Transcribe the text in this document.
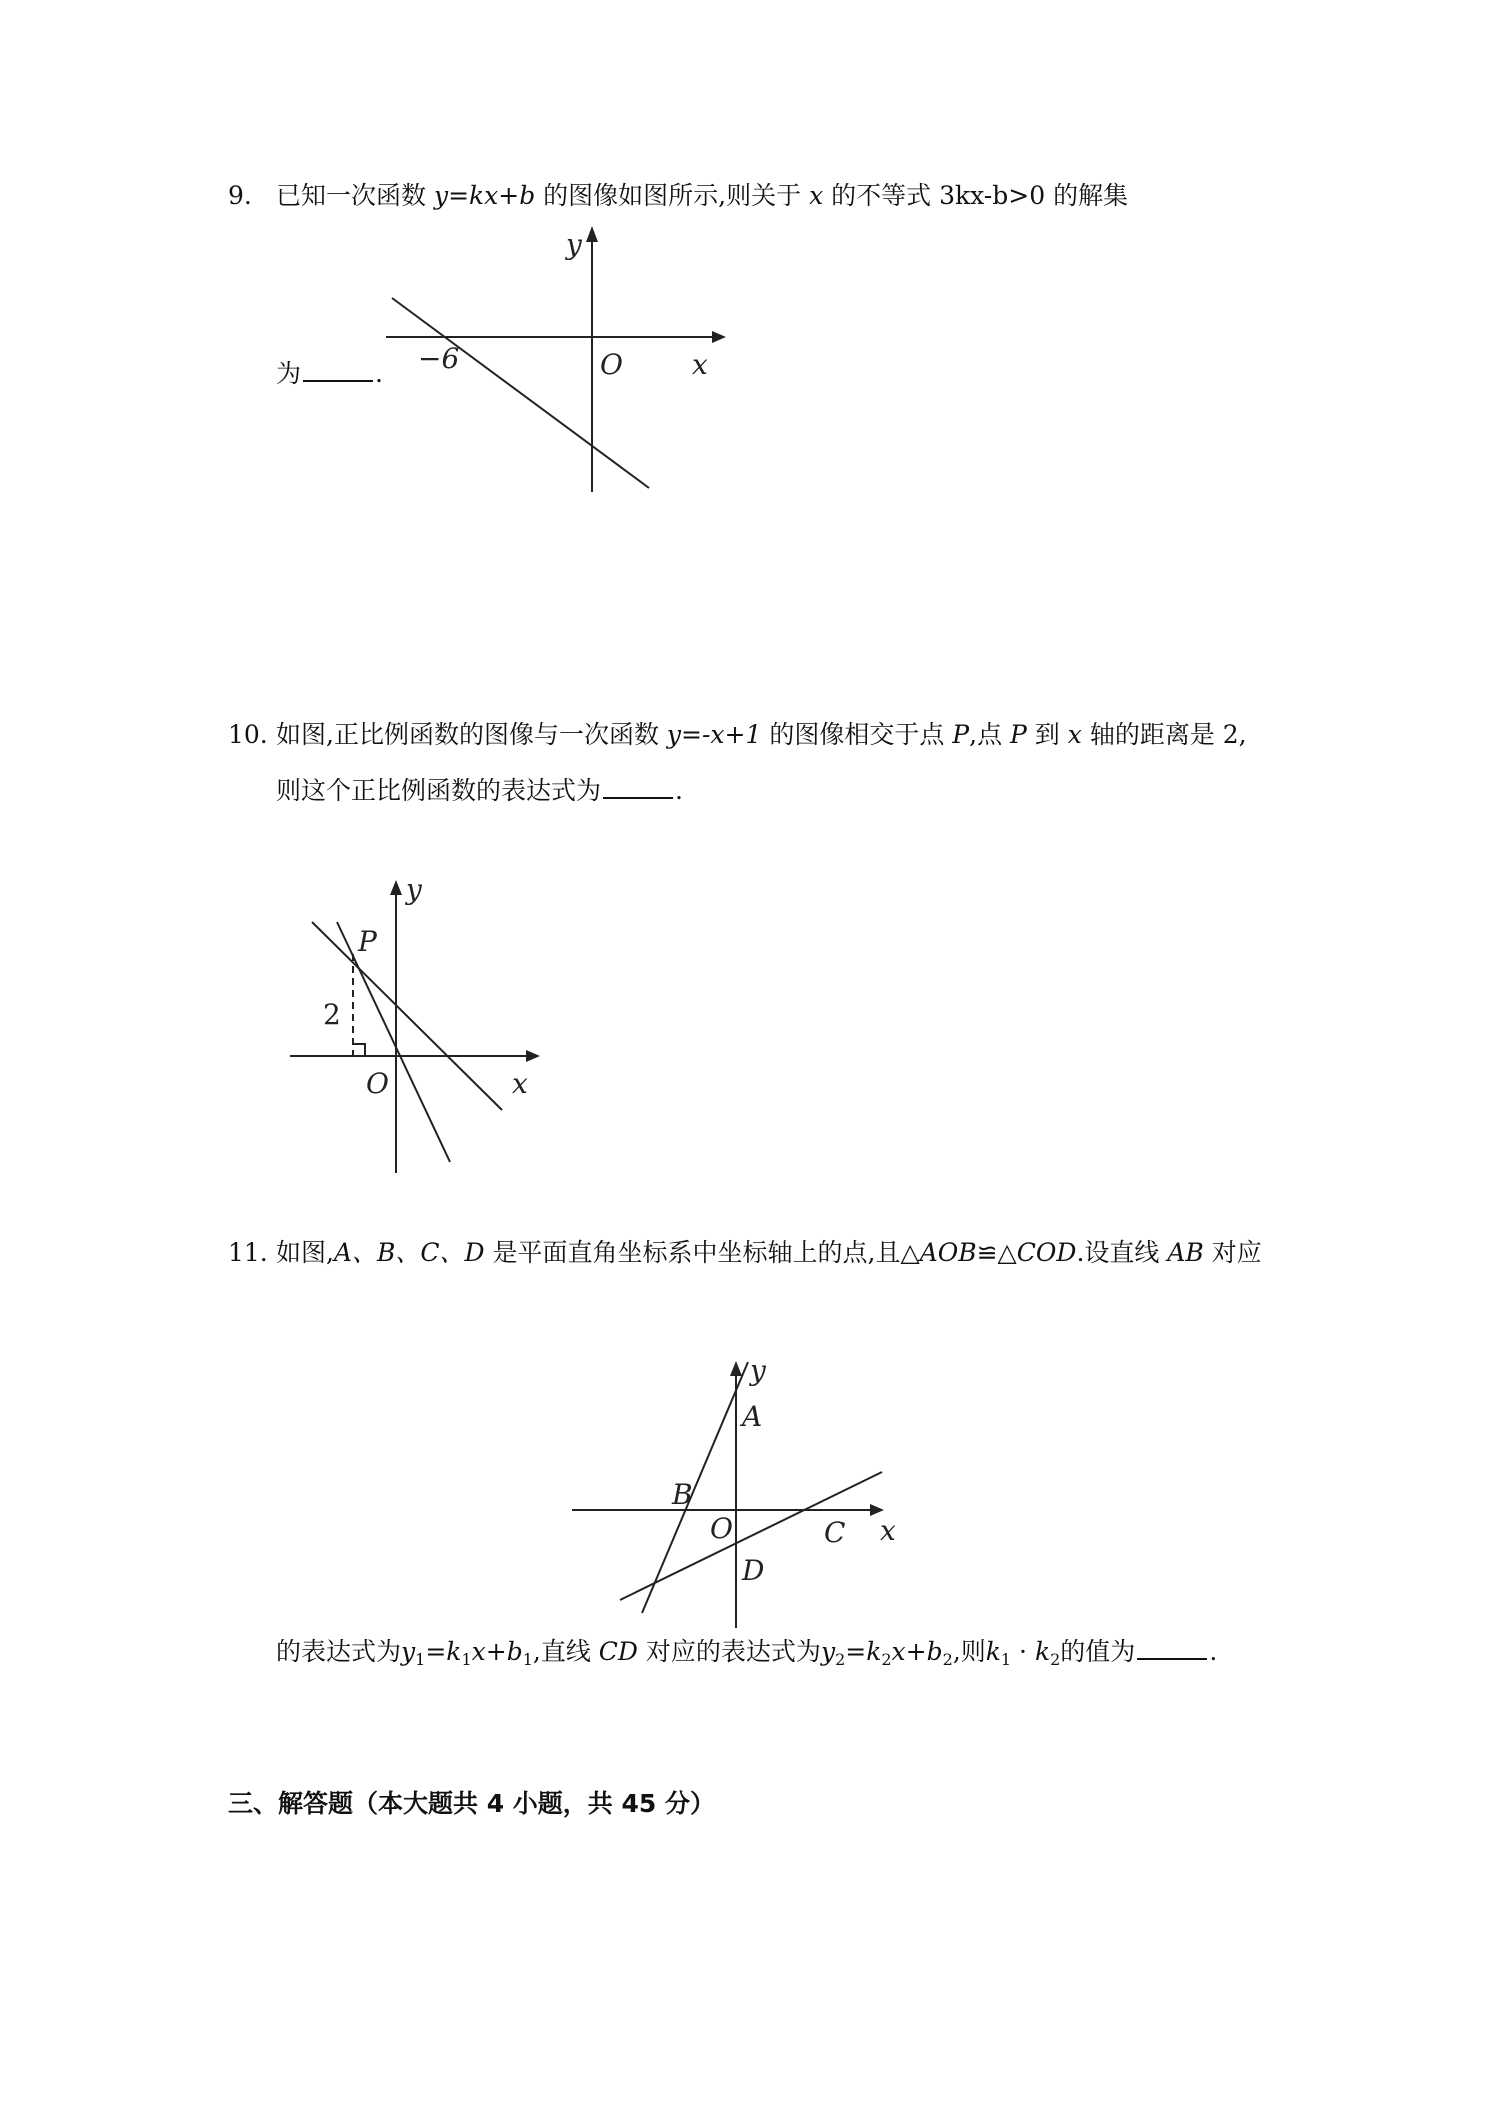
9. 已知一次函数 y=kx+b 的图像如图所示,则关于 x 的不等式 3kx-b>0 的解集
为	.
y
x
O
−6
10. 如图,正比例函数的图像与一次函数 y=-x+1 的图像相交于点 P,点 P 到 x 轴的距离是 2,
则这个正比例函数的表达式为	.
y
x
O
P
2
11. 如图,A、B、C、D 是平面直角坐标系中坐标轴上的点,且△AOB≌△COD.设直线 AB 对应
y
x
O
A
B
C
D
的表达式为$y_1=k_1x+b_1$,直线 CD 对应的表达式为$y_2=k_2x+b_2$,则$k_1 \cdot k_2$的值为	.
三、解答题（本大题共 4 小题，共 45 分）
